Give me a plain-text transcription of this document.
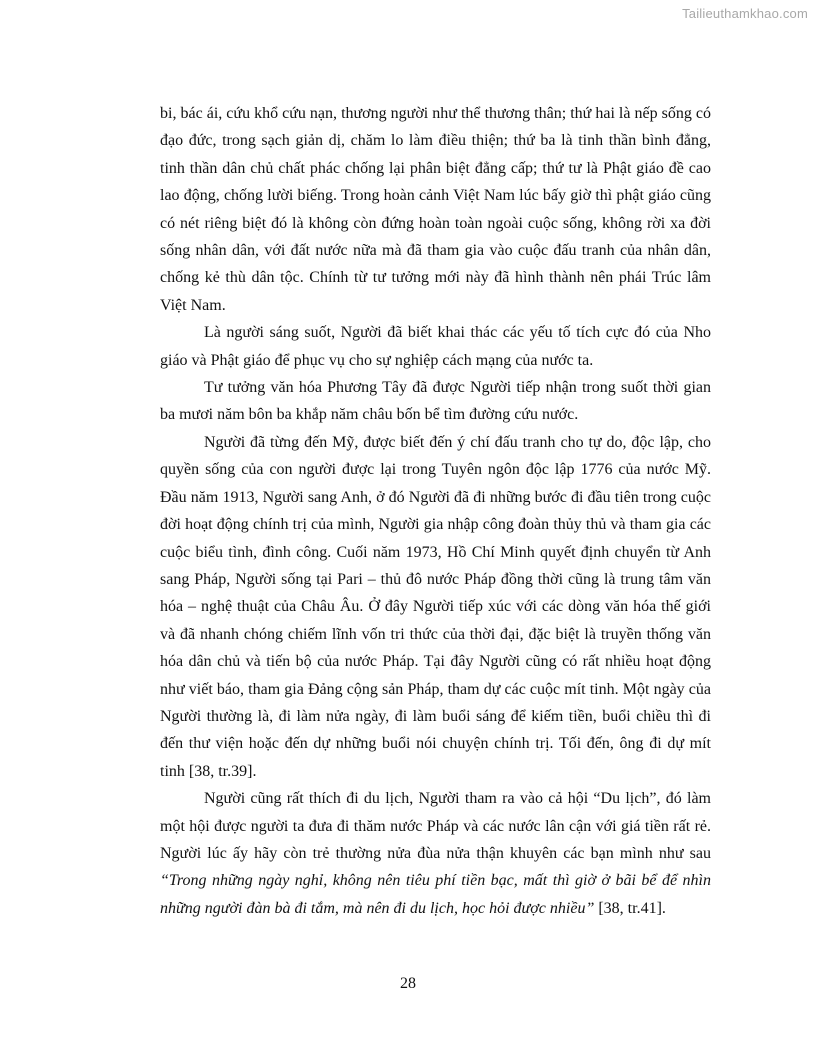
Tailieuthamkhao.com

bi, bác ái, cứu khổ cứu nạn, thương người như thể thương thân; thứ hai là nếp sống có đạo đức, trong sạch giản dị, chăm lo làm điều thiện; thứ ba là tinh thần bình đẳng, tinh thần dân chủ chất phác chống lại phân biệt đẳng cấp; thứ tư là Phật giáo đề cao lao động, chống lười biếng. Trong hoàn cảnh Việt Nam lúc bấy giờ thì phật giáo cũng có nét riêng biệt đó là không còn đứng hoàn toàn ngoài cuộc sống, không rời xa đời sống nhân dân, với đất nước nữa mà đã tham gia vào cuộc đấu tranh của nhân dân, chống kẻ thù dân tộc. Chính từ tư tưởng mới này đã hình thành nên phái Trúc lâm Việt Nam.

Là người sáng suốt, Người đã biết khai thác các yếu tố tích cực đó của Nho giáo và Phật giáo để phục vụ cho sự nghiệp cách mạng của nước ta.

Tư tưởng văn hóa Phương Tây đã được Người tiếp nhận trong suốt thời gian ba mươi năm bôn ba khắp năm châu bốn bể tìm đường cứu nước.

Người đã từng đến Mỹ, được biết đến ý chí đấu tranh cho tự do, độc lập, cho quyền sống của con người được lại trong Tuyên ngôn độc lập 1776 của nước Mỹ. Đầu năm 1913, Người sang Anh, ở đó Người đã đi những bước đi đầu tiên trong cuộc đời hoạt động chính trị của mình, Người gia nhập công đoàn thủy thủ và tham gia các cuộc biểu tình, đình công. Cuối năm 1973, Hồ Chí Minh quyết định chuyển từ Anh sang Pháp, Người sống tại Pari – thủ đô nước Pháp đồng thời cũng là trung tâm văn hóa – nghệ thuật của Châu Âu. Ở đây Người tiếp xúc với các dòng văn hóa thế giới và đã nhanh chóng chiếm lĩnh vốn tri thức của thời đại, đặc biệt là truyền thống văn hóa dân chủ và tiến bộ của nước Pháp. Tại đây Người cũng có rất nhiều hoạt động như viết báo, tham gia Đảng cộng sản Pháp, tham dự các cuộc mít tinh. Một ngày của Người thường là, đi làm nửa ngày, đi làm buổi sáng để kiếm tiền, buổi chiều thì đi đến thư viện hoặc đến dự những buổi nói chuyện chính trị. Tối đến, ông đi dự mít tinh [38, tr.39].

Người cũng rất thích đi du lịch, Người tham ra vào cả hội “Du lịch”, đó làm một hội được người ta đưa đi thăm nước Pháp và các nước lân cận với giá tiền rất rẻ. Người lúc ấy hãy còn trẻ thường nửa đùa nửa thận khuyên các bạn mình như sau “Trong những ngày nghỉ, không nên tiêu phí tiền bạc, mất thì giờ ở bãi bể để nhìn những người đàn bà đi tắm, mà nên đi du lịch, học hỏi được nhiều” [38, tr.41].

28
